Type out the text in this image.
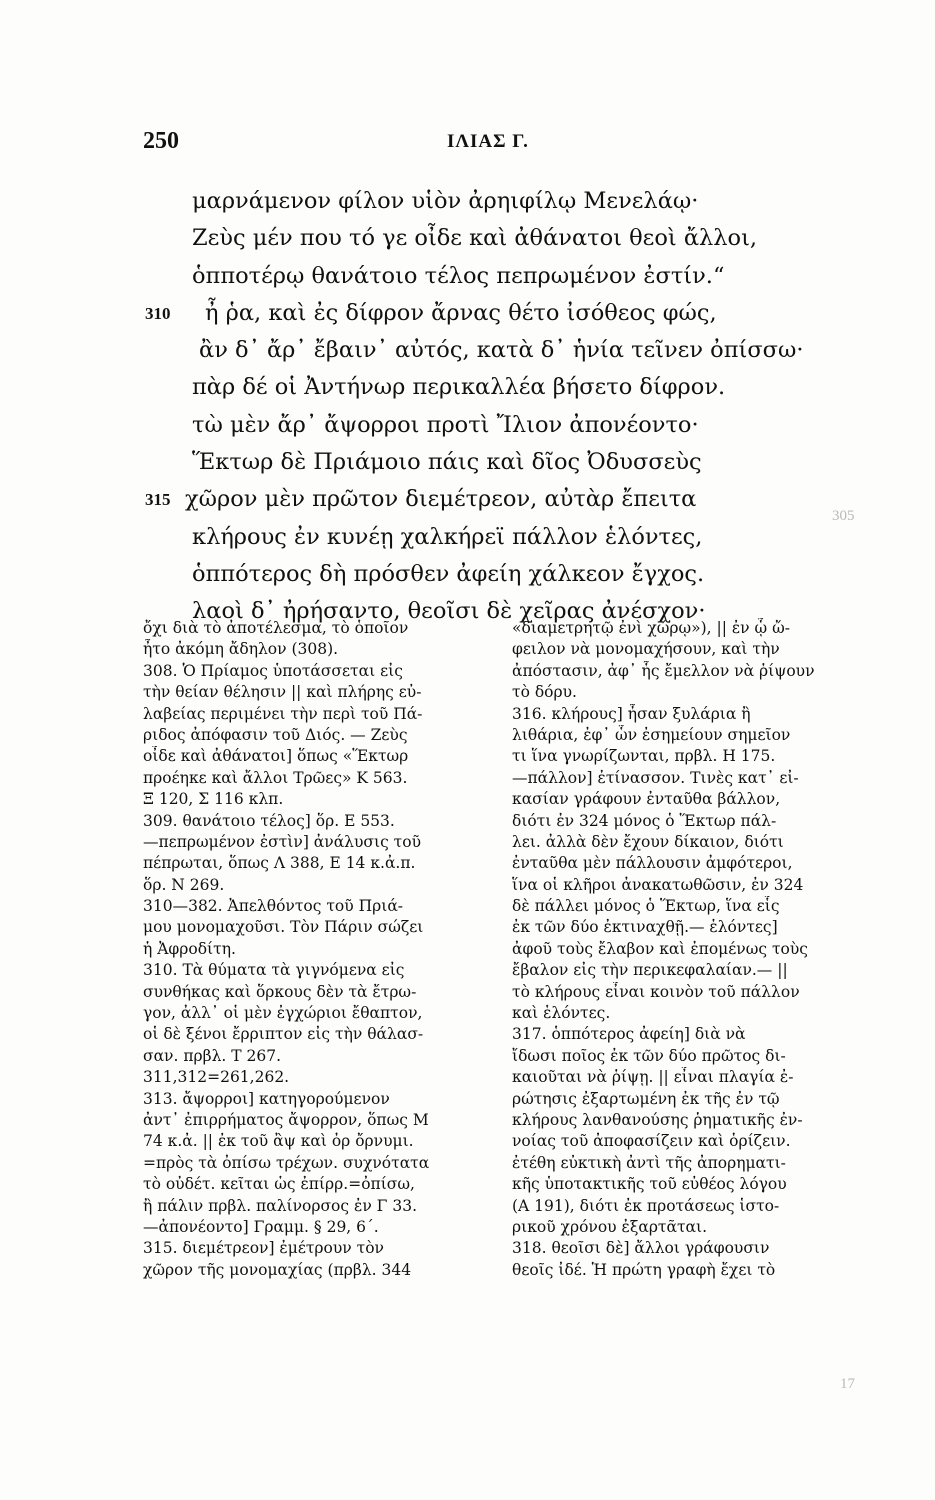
305
17
250	ΙΛΙΑΣ Γ.
μαρνάμενον φίλον υἱὸν ἀρηιφίλῳ Μενελάῳ·
Ζεὺς μέν που τό γε οἶδε καὶ ἀθάνατοι θεοὶ ἄλλοι,
ὁπποτέρῳ θανάτοιο τέλος πεπρωμένον ἐστίν.“
310	ἦ ῥα, καὶ ἐς δίφρον ἄρνας θέτο ἰσόθεος φώς,
ἂν δ᾿ ἄρ᾿ ἔβαιν᾿ αὐτός, κατὰ δ᾿ ἡνία τεῖνεν ὀπίσσω·
πὰρ δέ οἱ Ἀντήνωρ περικαλλέα βήσετο δίφρον.
τὼ μὲν ἄρ᾿ ἄψορροι προτὶ Ἴλιον ἀπονέοντο·
Ἕκτωρ δὲ Πριάμοιο πάις καὶ δῖος Ὀδυσσεὺς
315 χῶρον μὲν πρῶτον διεμέτρεον, αὐτὰρ ἔπειτα
κλήρους ἐν κυνέῃ χαλκήρεϊ πάλλον ἑλόντες,
ὁππότερος δὴ πρόσθεν ἀφείη χάλκεον ἔγχος.
λαοὶ δ᾿ ἠρήσαντο, θεοῖσι δὲ χεῖρας ἀνέσχον·
ὄχι διὰ τὸ ἀποτέλεσμα, τὸ ὁποῖον
ἦτο ἀκόμη ἄδηλον (308).
308. Ὁ Πρίαμος ὑποτάσσεται εἰς
τὴν θείαν θέλησιν || καὶ πλήρης εὐ-
λαβείας περιμένει τὴν περὶ τοῦ Πά-
ριδος ἀπόφασιν τοῦ Διός. — Ζεὺς
οἶδε καὶ ἀθάνατοι] ὅπως «Ἕκτωρ
προέηκε καὶ ἄλλοι Τρῶες» Κ 563.
Ξ 120, Σ 116 κλπ.
309. θανάτοιο τέλος] ὅρ. Ε 553.
—πεπρωμένον ἐστὶν] ἀνάλυσις τοῦ
πέπρωται, ὅπως Λ 388, Ε 14 κ.ἀ.π.
ὅρ. Ν 269.
310—382. Ἀπελθόντος τοῦ Πριά-
μου μονομαχοῦσι. Τὸν Πάριν σώζει
ἡ Ἀφροδίτη.
310. Τὰ θύματα τὰ γιγνόμενα εἰς
συνθήκας καὶ ὅρκους δὲν τὰ ἔτρω-
γον, ἀλλ᾿ οἱ μὲν ἐγχώριοι ἔθαπτον,
οἱ δὲ ξένοι ἔρριπτον εἰς τὴν θάλασ-
σαν. πρβλ. Τ 267.
311,312=261,262.
313. ἄψορροι] κατηγορούμενον
ἀντ᾿ ἐπιρρήματος ἄψορρον, ὅπως Μ
74 κ.ἀ. || ἐκ τοῦ ἂψ καὶ ὀρ ὄρνυμι.
=πρὸς τὰ ὀπίσω τρέχων. συχνότατα
τὸ οὐδέτ. κεῖται ὡς ἐπίρρ.=ὀπίσω,
ἢ πάλιν πρβλ. παλίνορσος ἐν Γ 33.
—ἀπονέοντο] Γραμμ. § 29, 6΄.
315. διεμέτρεον] ἐμέτρουν τὸν
χῶρον τῆς μονομαχίας (πρβλ. 344
«διαμετρητῷ ἐνὶ χώρῳ»), || ἐν ᾧ ὤ-
φειλον νὰ μονομαχήσουν, καὶ τὴν
ἀπόστασιν, ἀφ᾿ ἧς ἔμελλον νὰ ῥίψουν
τὸ δόρυ.
316. κλήρους] ἦσαν ξυλάρια ἢ
λιθάρια, ἐφ᾿ ὧν ἐσημείουν σημεῖον
τι ἵνα γνωρίζωνται, πρβλ. Η 175.
—πάλλον] ἐτίνασσον. Τινὲς κατ᾿ εἰ-
κασίαν γράφουν ἐνταῦθα βάλλον,
διότι ἐν 324 μόνος ὁ Ἕκτωρ πάλ-
λει. ἀλλὰ δὲν ἔχουν δίκαιον, διότι
ἐνταῦθα μὲν πάλλουσιν ἀμφότεροι,
ἵνα οἱ κλῆροι ἀνακατωθῶσιν, ἐν 324
δὲ πάλλει μόνος ὁ Ἕκτωρ, ἵνα εἷς
ἐκ τῶν δύο ἐκτιναχθῇ.— ἑλόντες]
ἀφοῦ τοὺς ἔλαβον καὶ ἐπομένως τοὺς
ἔβαλον εἰς τὴν περικεφαλαίαν.— ||
τὸ κλήρους εἶναι κοινὸν τοῦ πάλλον
καὶ ἑλόντες.
317. ὁππότερος ἀφείη] διὰ νὰ
ἴδωσι ποῖος ἐκ τῶν δύο πρῶτος δι-
καιοῦται νὰ ῥίψῃ. || εἶναι πλαγία ἐ-
ρώτησις ἐξαρτωμένη ἐκ τῆς ἐν τῷ
κλήρους λανθανούσης ῥηματικῆς ἐν-
νοίας τοῦ ἀποφασίζειν καὶ ὁρίζειν.
ἐτέθη εὐκτικὴ ἀντὶ τῆς ἀπορηματι-
κῆς ὑποτακτικῆς τοῦ εὐθέος λόγου
(Α 191), διότι ἐκ προτάσεως ἱστο-
ρικοῦ χρόνου ἐξαρτᾶται.
318. θεοῖσι δὲ] ἄλλοι γράφουσιν
θεοῖς ἰδέ. Ἡ πρώτη γραφὴ ἔχει τὸ
